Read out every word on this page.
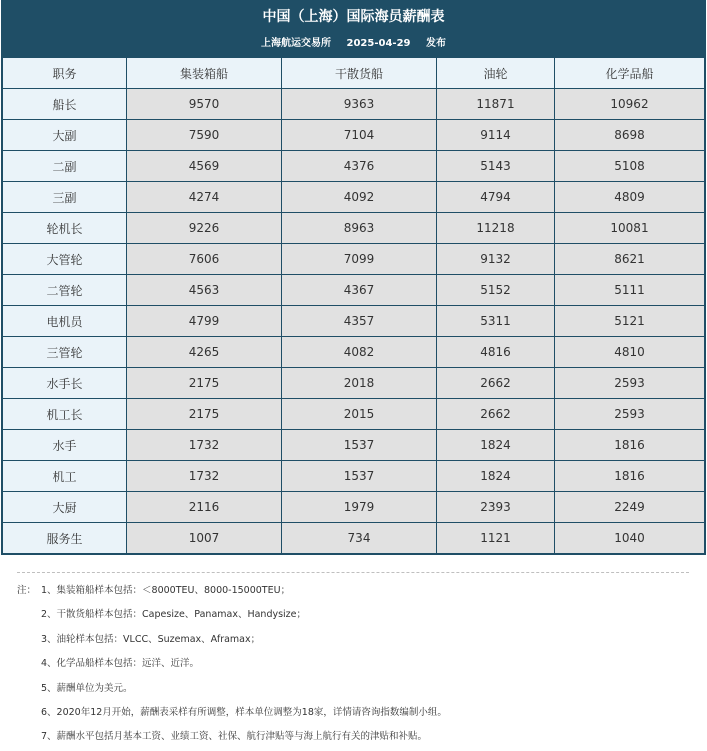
中国（上海）国际海员薪酬表
上海航运交易所 2025-04-29 发布
职务	集装箱船	干散货船	油轮	化学品船
船长	9570	9363	11871	10962
大副	7590	7104	9114	8698
二副	4569	4376	5143	5108
三副	4274	4092	4794	4809
轮机长	9226	8963	11218	10081
大管轮	7606	7099	9132	8621
二管轮	4563	4367	5152	5111
电机员	4799	4357	5311	5121
三管轮	4265	4082	4816	4810
水手长	2175	2018	2662	2593
机工长	2175	2015	2662	2593
水手	1732	1537	1824	1816
机工	1732	1537	1824	1816
大厨	2116	1979	2393	2249
服务生	1007	734	1121	1040
注： 1、集装箱船样本包括：＜8000TEU、8000-15000TEU；
2、干散货船样本包括：Capesize、Panamax、Handysize；
3、油轮样本包括：VLCC、Suzemax、Aframax；
4、化学品船样本包括：远洋、近洋。
5、薪酬单位为美元。
6、2020年12月开始，薪酬表采样有所调整，样本单位调整为18家，详情请咨询指数编制小组。
7、薪酬水平包括月基本工资、业绩工资、社保、航行津贴等与海上航行有关的津贴和补贴。
